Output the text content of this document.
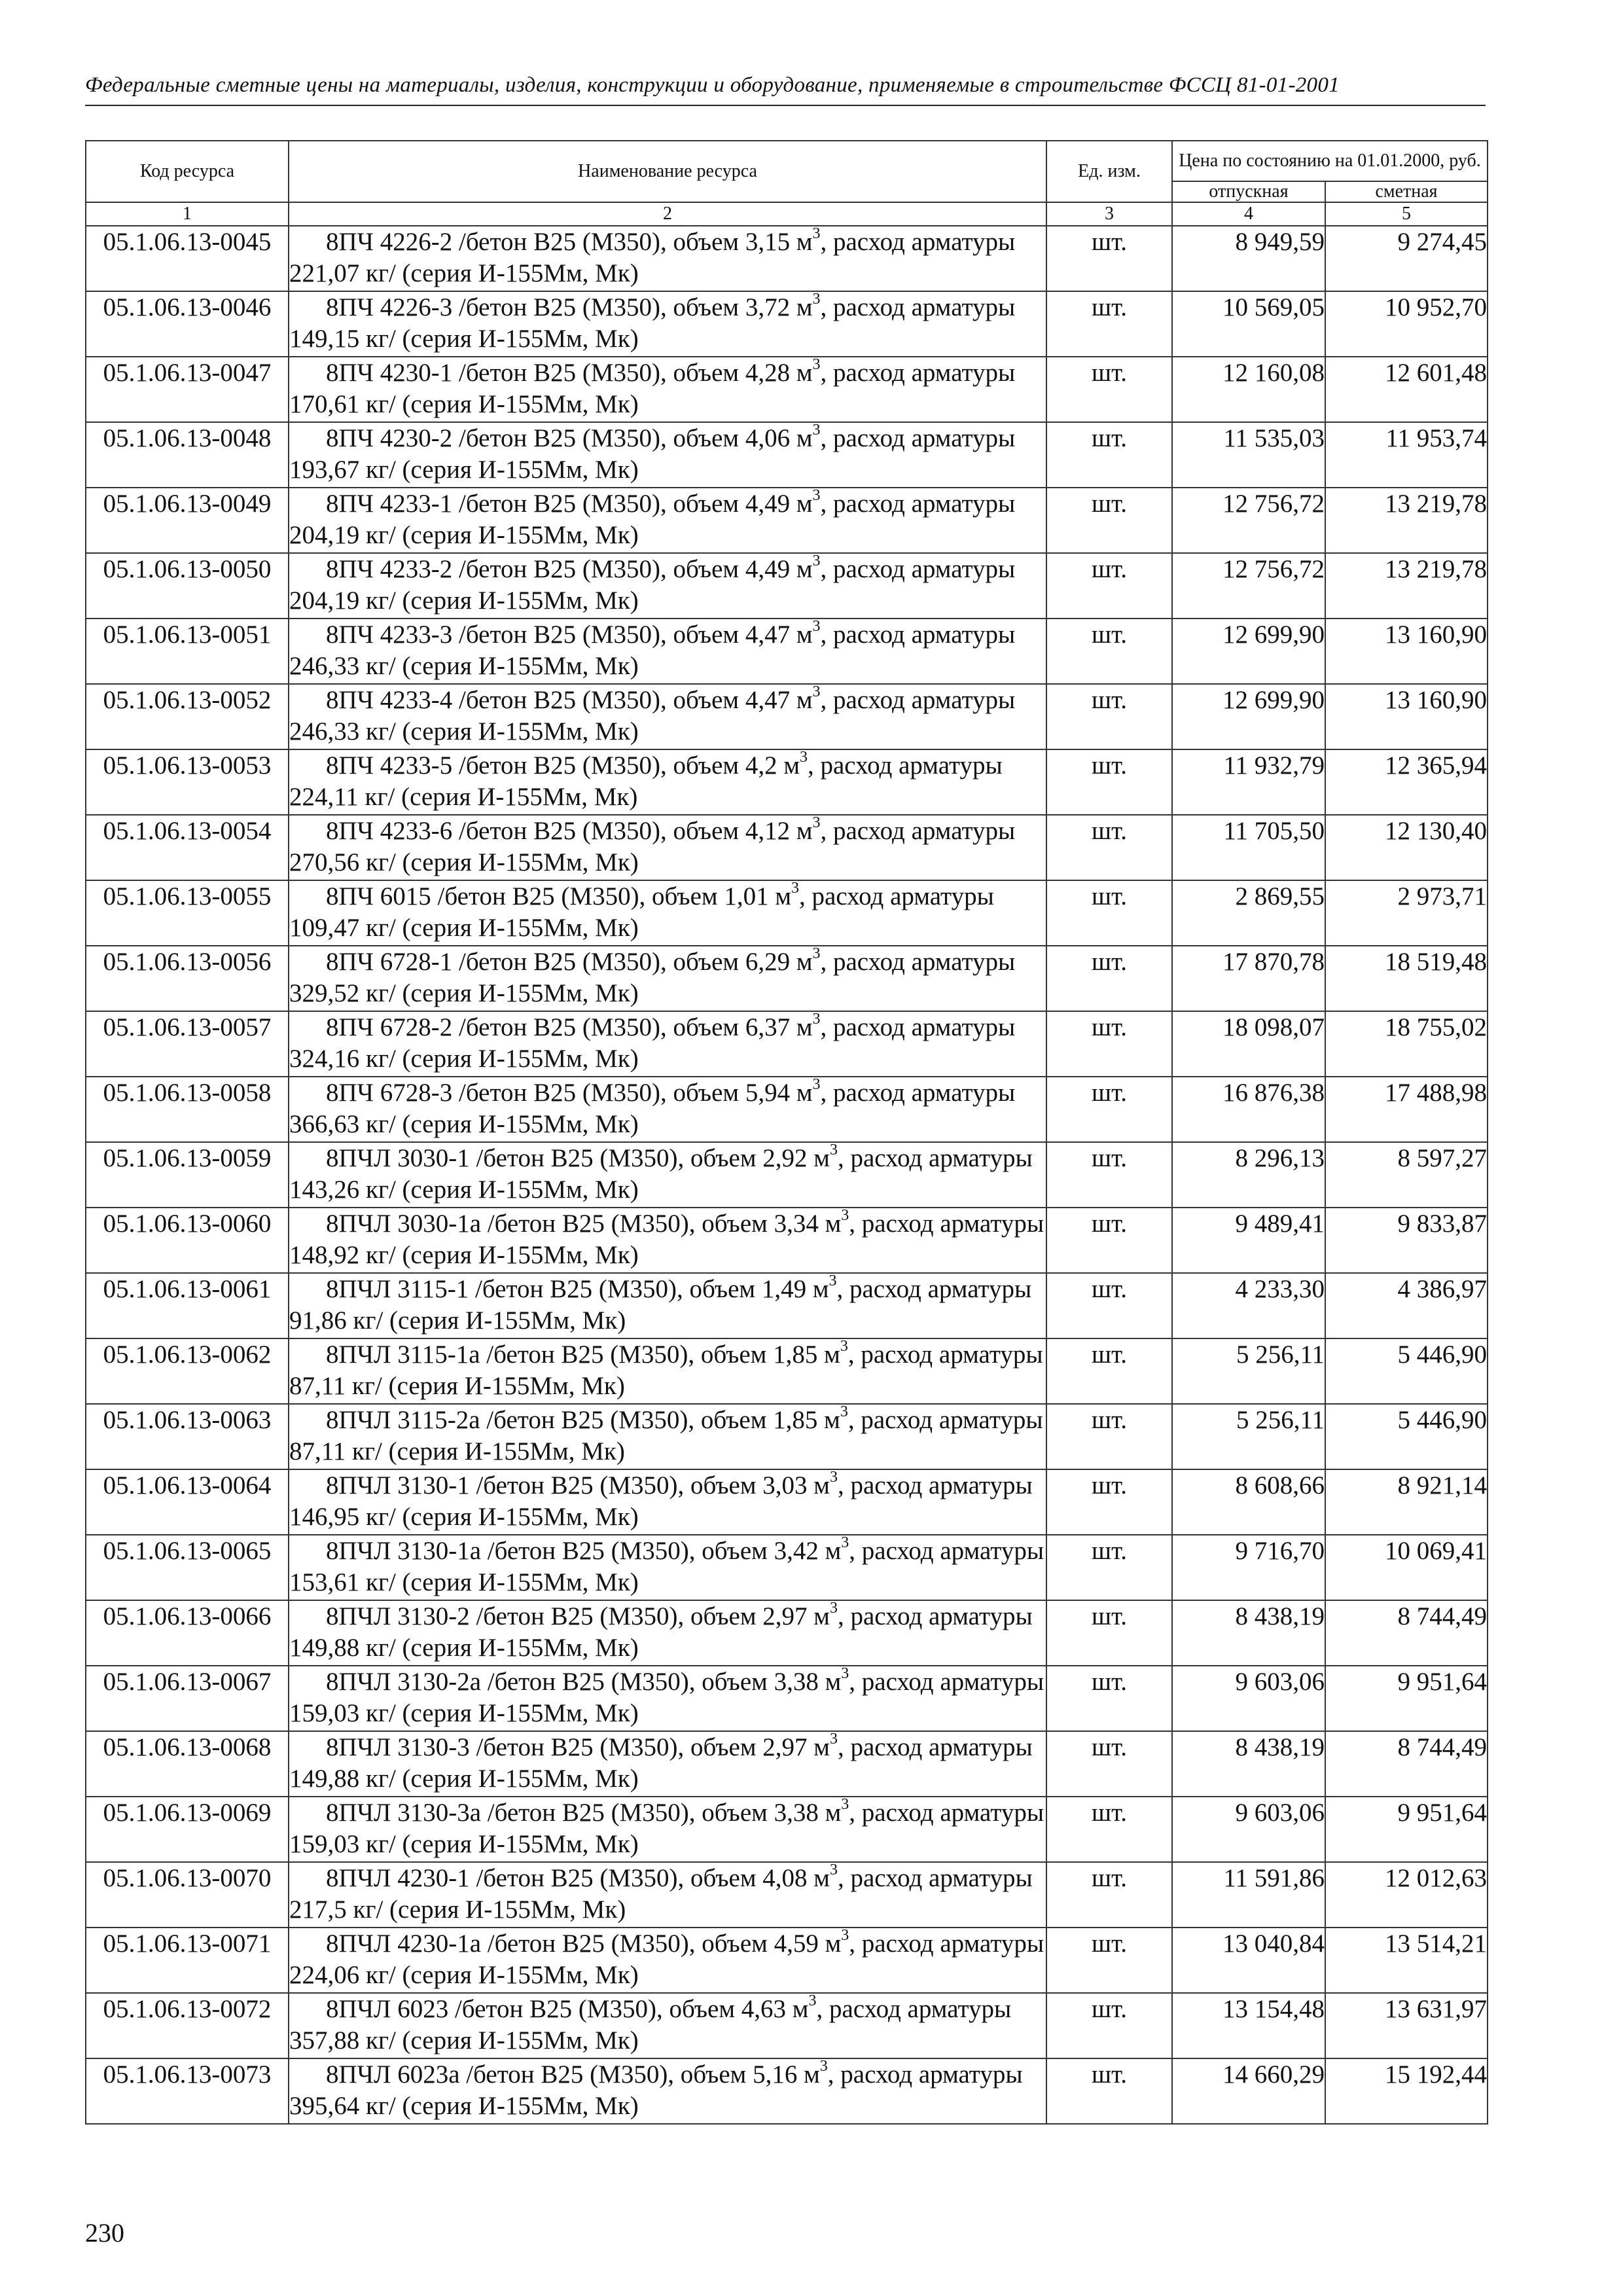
Федеральные сметные цены на материалы, изделия, конструкции и оборудование, применяемые в строительстве ФССЦ 81-01-2001
Код ресурса	Наименование ресурса	Ед. изм.	Цена по состоянию на 01.01.2000, руб.	
			отпускная	сметная
1	2	3	4	5
05.1.06.13-0045	8ПЧ 4226-2 /бетон В25 (М350), объем 3,15 $м^3$, расход арматуры 221,07 кг/ (серия И-155Мм, Мк)	шт.	8 949,59	9 274,45
05.1.06.13-0046	8ПЧ 4226-3 /бетон В25 (М350), объем 3,72 $м^3$, расход арматуры 149,15 кг/ (серия И-155Мм, Мк)	шт.	10 569,05	10 952,70
05.1.06.13-0047	8ПЧ 4230-1 /бетон В25 (М350), объем 4,28 $м^3$, расход арматуры 170,61 кг/ (серия И-155Мм, Мк)	шт.	12 160,08	12 601,48
05.1.06.13-0048	8ПЧ 4230-2 /бетон В25 (М350), объем 4,06 $м^3$, расход арматуры 193,67 кг/ (серия И-155Мм, Мк)	шт.	11 535,03	11 953,74
05.1.06.13-0049	8ПЧ 4233-1 /бетон В25 (М350), объем 4,49 $м^3$, расход арматуры 204,19 кг/ (серия И-155Мм, Мк)	шт.	12 756,72	13 219,78
05.1.06.13-0050	8ПЧ 4233-2 /бетон В25 (М350), объем 4,49 $м^3$, расход арматуры 204,19 кг/ (серия И-155Мм, Мк)	шт.	12 756,72	13 219,78
05.1.06.13-0051	8ПЧ 4233-3 /бетон В25 (М350), объем 4,47 $м^3$, расход арматуры 246,33 кг/ (серия И-155Мм, Мк)	шт.	12 699,90	13 160,90
05.1.06.13-0052	8ПЧ 4233-4 /бетон В25 (М350), объем 4,47 $м^3$, расход арматуры 246,33 кг/ (серия И-155Мм, Мк)	шт.	12 699,90	13 160,90
05.1.06.13-0053	8ПЧ 4233-5 /бетон В25 (М350), объем 4,2 $м^3$, расход арматуры 224,11 кг/ (серия И-155Мм, Мк)	шт.	11 932,79	12 365,94
05.1.06.13-0054	8ПЧ 4233-6 /бетон В25 (М350), объем 4,12 $м^3$, расход арматуры 270,56 кг/ (серия И-155Мм, Мк)	шт.	11 705,50	12 130,40
05.1.06.13-0055	8ПЧ 6015 /бетон В25 (М350), объем 1,01 $м^3$, расход арматуры 109,47 кг/ (серия И-155Мм, Мк)	шт.	2 869,55	2 973,71
05.1.06.13-0056	8ПЧ 6728-1 /бетон В25 (М350), объем 6,29 $м^3$, расход арматуры 329,52 кг/ (серия И-155Мм, Мк)	шт.	17 870,78	18 519,48
05.1.06.13-0057	8ПЧ 6728-2 /бетон В25 (М350), объем 6,37 $м^3$, расход арматуры 324,16 кг/ (серия И-155Мм, Мк)	шт.	18 098,07	18 755,02
05.1.06.13-0058	8ПЧ 6728-3 /бетон В25 (М350), объем 5,94 $м^3$, расход арматуры 366,63 кг/ (серия И-155Мм, Мк)	шт.	16 876,38	17 488,98
05.1.06.13-0059	8ПЧЛ 3030-1 /бетон В25 (М350), объем 2,92 $м^3$, расход арматуры 143,26 кг/ (серия И-155Мм, Мк)	шт.	8 296,13	8 597,27
05.1.06.13-0060	8ПЧЛ 3030-1а /бетон В25 (М350), объем 3,34 $м^3$, расход арматуры 148,92 кг/ (серия И-155Мм, Мк)	шт.	9 489,41	9 833,87
05.1.06.13-0061	8ПЧЛ 3115-1 /бетон В25 (М350), объем 1,49 $м^3$, расход арматуры 91,86 кг/ (серия И-155Мм, Мк)	шт.	4 233,30	4 386,97
05.1.06.13-0062	8ПЧЛ 3115-1а /бетон В25 (М350), объем 1,85 $м^3$, расход арматуры 87,11 кг/ (серия И-155Мм, Мк)	шт.	5 256,11	5 446,90
05.1.06.13-0063	8ПЧЛ 3115-2а /бетон В25 (М350), объем 1,85 $м^3$, расход арматуры 87,11 кг/ (серия И-155Мм, Мк)	шт.	5 256,11	5 446,90
05.1.06.13-0064	8ПЧЛ 3130-1 /бетон В25 (М350), объем 3,03 $м^3$, расход арматуры 146,95 кг/ (серия И-155Мм, Мк)	шт.	8 608,66	8 921,14
05.1.06.13-0065	8ПЧЛ 3130-1а /бетон В25 (М350), объем 3,42 $м^3$, расход арматуры 153,61 кг/ (серия И-155Мм, Мк)	шт.	9 716,70	10 069,41
05.1.06.13-0066	8ПЧЛ 3130-2 /бетон В25 (М350), объем 2,97 $м^3$, расход арматуры 149,88 кг/ (серия И-155Мм, Мк)	шт.	8 438,19	8 744,49
05.1.06.13-0067	8ПЧЛ 3130-2а /бетон В25 (М350), объем 3,38 $м^3$, расход арматуры 159,03 кг/ (серия И-155Мм, Мк)	шт.	9 603,06	9 951,64
05.1.06.13-0068	8ПЧЛ 3130-3 /бетон В25 (М350), объем 2,97 $м^3$, расход арматуры 149,88 кг/ (серия И-155Мм, Мк)	шт.	8 438,19	8 744,49
05.1.06.13-0069	8ПЧЛ 3130-3а /бетон В25 (М350), объем 3,38 $м^3$, расход арматуры 159,03 кг/ (серия И-155Мм, Мк)	шт.	9 603,06	9 951,64
05.1.06.13-0070	8ПЧЛ 4230-1 /бетон В25 (М350), объем 4,08 $м^3$, расход арматуры 217,5 кг/ (серия И-155Мм, Мк)	шт.	11 591,86	12 012,63
05.1.06.13-0071	8ПЧЛ 4230-1а /бетон В25 (М350), объем 4,59 $м^3$, расход арматуры 224,06 кг/ (серия И-155Мм, Мк)	шт.	13 040,84	13 514,21
05.1.06.13-0072	8ПЧЛ 6023 /бетон В25 (М350), объем 4,63 $м^3$, расход арматуры 357,88 кг/ (серия И-155Мм, Мк)	шт.	13 154,48	13 631,97
05.1.06.13-0073	8ПЧЛ 6023а /бетон В25 (М350), объем 5,16 $м^3$, расход арматуры 395,64 кг/ (серия И-155Мм, Мк)	шт.	14 660,29	15 192,44
230
